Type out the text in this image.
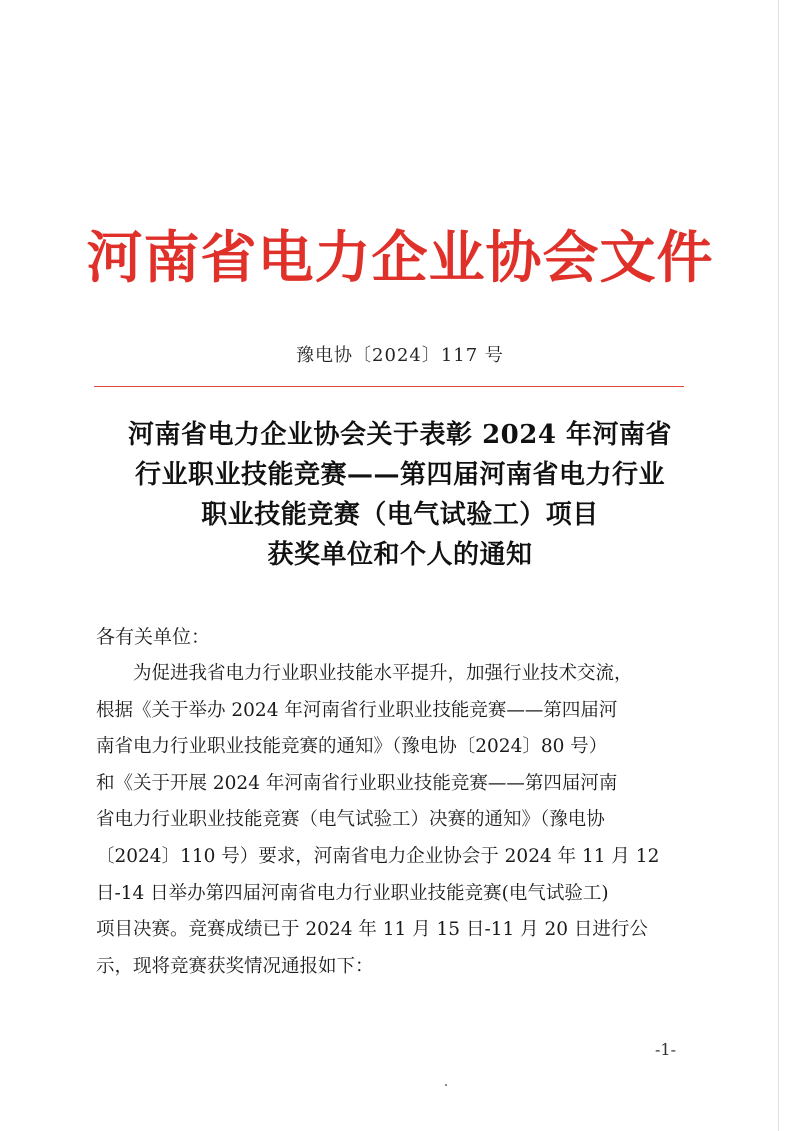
河南省电力企业协会文件
豫电协〔2024〕117 号
河南省电力企业协会关于表彰 2024 年河南省
行业职业技能竞赛——第四届河南省电力行业
职业技能竞赛（电气试验工）项目
获奖单位和个人的通知
各有关单位：
　　为促进我省电力行业职业技能水平提升，加强行业技术交流，
根据《关于举办 2024 年河南省行业职业技能竞赛——第四届河
南省电力行业职业技能竞赛的通知》（豫电协〔2024〕80 号）
和《关于开展 2024 年河南省行业职业技能竞赛——第四届河南
省电力行业职业技能竞赛（电气试验工）决赛的通知》（豫电协
〔2024〕110 号）要求，河南省电力企业协会于 2024 年 11 月 12
日-14 日举办第四届河南省电力行业职业技能竞赛(电气试验工)
项目决赛。竞赛成绩已于 2024 年 11 月 15 日-11 月 20 日进行公
示，现将竞赛获奖情况通报如下：
-1-
